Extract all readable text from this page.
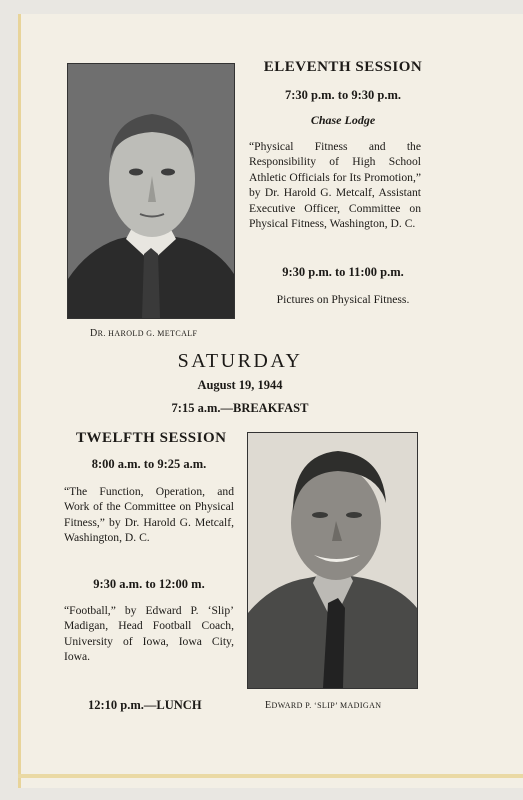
DR. HAROLD G. METCALF
ELEVENTH SESSION
7:30 p.m. to 9:30 p.m.
Chase Lodge
“Physical Fitness and the Responsibility of High School Athletic Officials for Its Promotion,” by Dr. Harold G. Metcalf, Assistant Executive Officer, Committee on Physical Fitness, Washington, D. C.
9:30 p.m. to 11:00 p.m.
Pictures on Physical Fitness.
SATURDAY
August 19, 1944
7:15 a.m.—BREAKFAST
TWELFTH SESSION
8:00 a.m. to 9:25 a.m.
“The Function, Operation, and Work of the Committee on Physical Fitness,” by Dr. Harold G. Metcalf, Washington, D. C.
9:30 a.m. to 12:00 m.
“Football,” by Edward P. ‘Slip’ Madigan, Head Football Coach, University of Iowa, Iowa City, Iowa.
12:10 p.m.—LUNCH	EDWARD P. ‘SLIP’ MADIGAN
